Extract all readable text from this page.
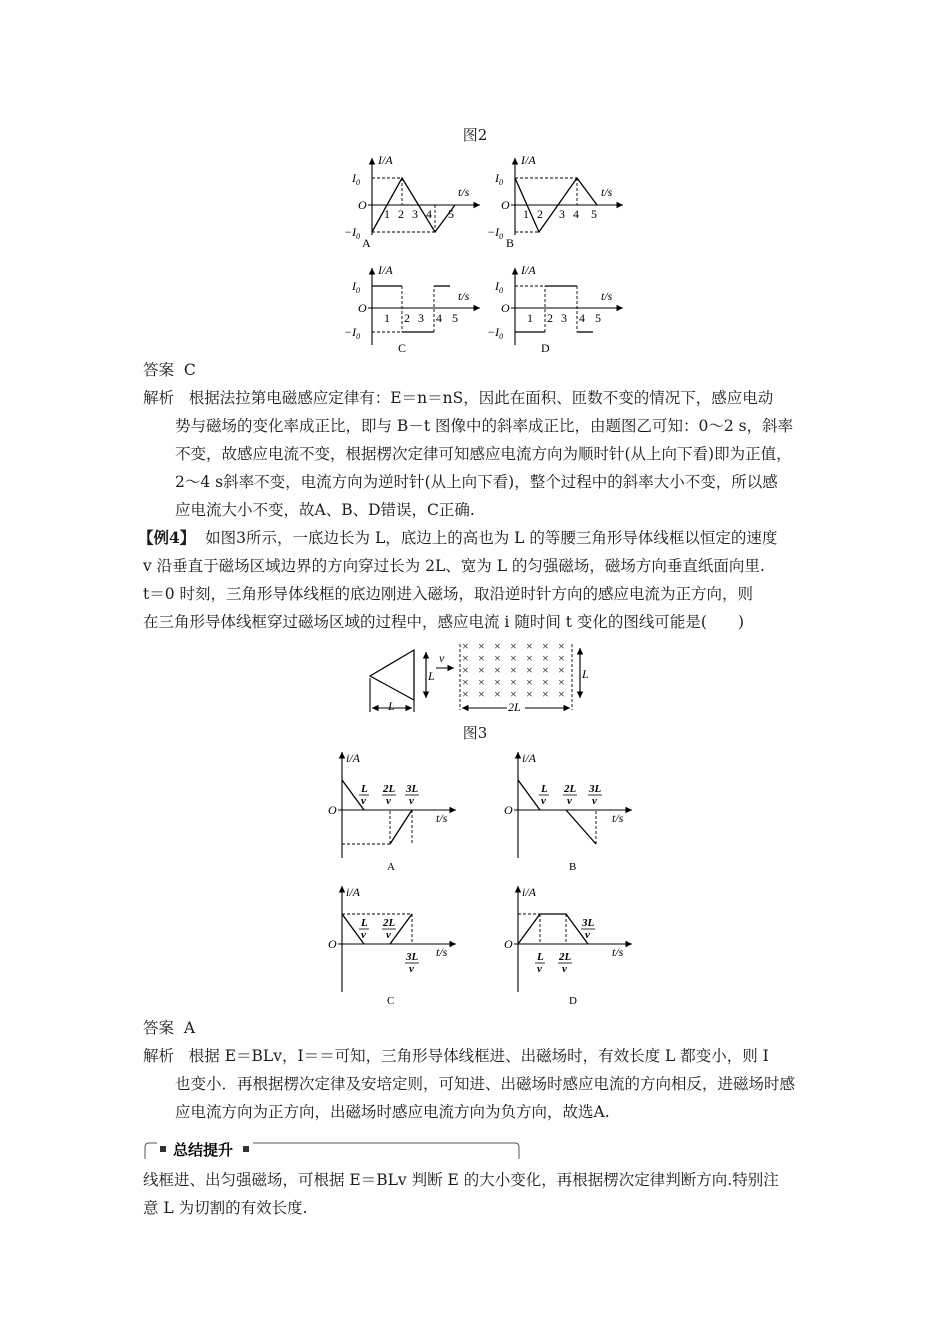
图2
I/A
t/s
$I_0$
O
$-I_0$
1 2 3 4 5
A
I/A
t/s
$I_0$
O
$-I_0$
1 2 3 4 5
B
I/A
t/s
$I_0$
O
$-I_0$
1 2 3 4 5
C
I/A
t/s
$I_0$
O
$-I_0$
1 2 3 4 5
D

答案 C

解析 根据法拉第电磁感应定律有：E＝n＝nS，因此在面积、匝数不变的情况下，感应电动

势与磁场的变化率成正比，即与 B－t 图像中的斜率成正比，由题图乙可知：0～2 s，斜率

不变，故感应电流不变，根据楞次定律可知感应电流方向为顺时针(从上向下看)即为正值，

2～4 s斜率不变，电流方向为逆时针(从上向下看)，整个过程中的斜率大小不变，所以感

应电流大小不变，故A、B、D错误，C正确.

【例4】 如图3所示，一底边长为 L，底边上的高也为 L 的等腰三角形导体线框以恒定的速度

v 沿垂直于磁场区域边界的方向穿过长为 2L、宽为 L 的匀强磁场，磁场方向垂直纸面向里.

t＝0 时刻，三角形导体线框的底边刚进入磁场，取沿逆时针方向的感应电流为正方向，则

在三角形导体线框穿过磁场区域的过程中，感应电流 i 随时间 t 变化的图线可能是(　　)

L
L
v
× × × × × × ×
× × × × × × ×
× × × × × × ×
× × × × × × ×
× × × × × × ×
L
2L
图3
i/A
t/s
O
L
v
2L
v
3L
v
A
i/A
t/s
O
L
v
2L
v
3L
v
B
i/A
t/s
O
L
v
2L
v
3L
v
C
i/A
t/s
O
L
v
2L
v
3L
v
D

答案 A

解析 根据 E＝BLv，I＝＝可知，三角形导体线框进、出磁场时，有效长度 L 都变小，则 I

也变小．再根据楞次定律及安培定则，可知进、出磁场时感应电流的方向相反，进磁场时感

应电流方向为正方向，出磁场时感应电流方向为负方向，故选A.

总结提升

线框进、出匀强磁场，可根据 E＝BLv 判断 E 的大小变化，再根据楞次定律判断方向.特别注

意 L 为切割的有效长度.
